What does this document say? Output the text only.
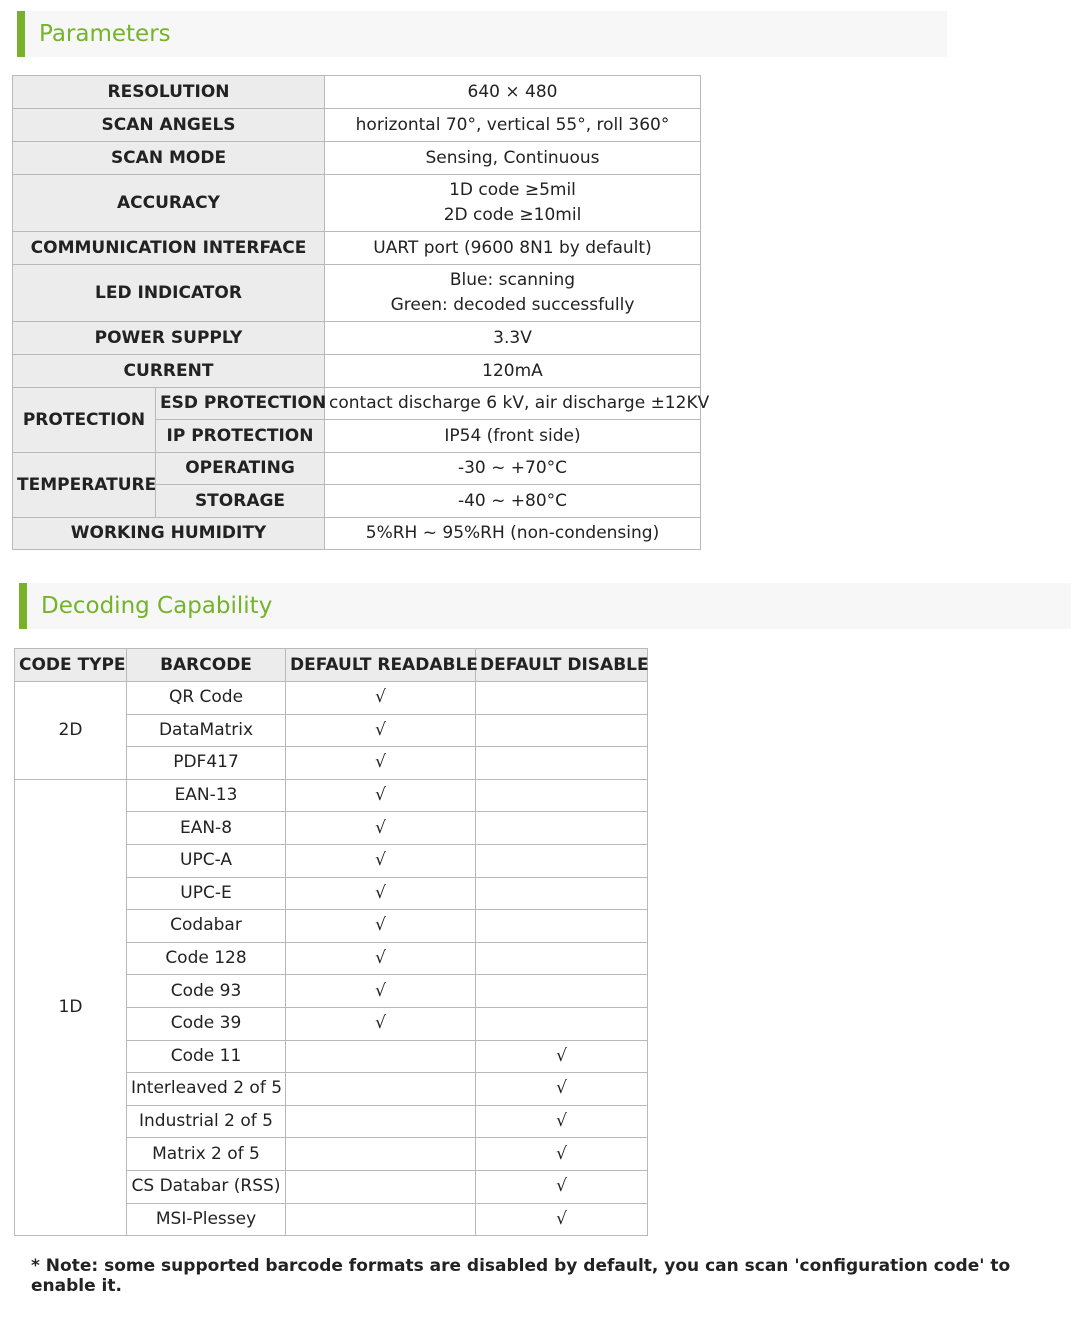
Parameters
RESOLUTION		640 × 480
SCAN ANGELS		horizontal 70°, vertical 55°, roll 360°
SCAN MODE		Sensing, Continuous
ACCURACY		1D code ≥5mil
2D code ≥10mil

COMMUNICATION INTERFACE		UART port (9600 8N1 by default)
LED INDICATOR		Blue: scanning
Green: decoded successfully

POWER SUPPLY		3.3V
CURRENT		120mA
PROTECTION	ESD PROTECTION	contact discharge 6 kV, air discharge ±12KV
	IP PROTECTION	IP54 (front side)
TEMPERATURE	OPERATING	-30 ~ +70°C
	STORAGE	-40 ~ +80°C
WORKING HUMIDITY		5%RH ~ 95%RH (non-condensing)
Decoding Capability
CODE TYPE	BARCODE	DEFAULT READABLE	DEFAULT DISABLE
2D	QR Code	√	
	DataMatrix	√	
	PDF417	√	
1D	EAN-13	√	
	EAN-8	√	
	UPC-A	√	
	UPC-E	√	
	Codabar	√	
	Code 128	√	
	Code 93	√	
	Code 39	√	
	Code 11		√
	Interleaved 2 of 5		√
	Industrial 2 of 5		√
	Matrix 2 of 5		√
	CS Databar (RSS)		√
	MSI-Plessey		√
* Note: some supported barcode formats are disabled by default, you can scan 'configuration code' to enable it.
